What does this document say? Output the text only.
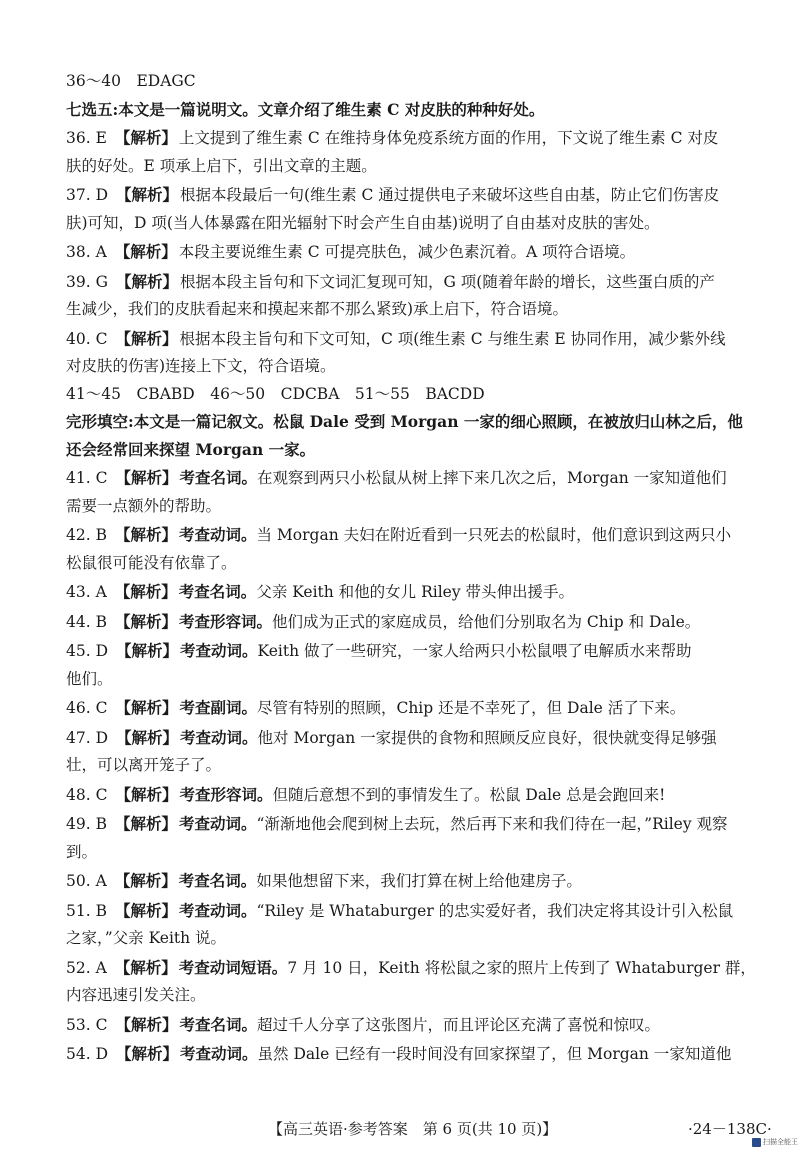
36～40　EDAGC
七选五:本文是一篇说明文。文章介绍了维生素 C 对皮肤的种种好处。
36. E 【解析】 上文提到了维生素 C 在维持身体免疫系统方面的作用，下文说了维生素 C 对皮
肤的好处。E 项承上启下，引出文章的主题。
37. D 【解析】 根据本段最后一句(维生素 C 通过提供电子来破坏这些自由基，防止它们伤害皮
肤)可知，D 项(当人体暴露在阳光辐射下时会产生自由基)说明了自由基对皮肤的害处。
38. A 【解析】 本段主要说维生素 C 可提亮肤色，减少色素沉着。A 项符合语境。
39. G 【解析】 根据本段主旨句和下文词汇复现可知，G 项(随着年龄的增长，这些蛋白质的产
生减少，我们的皮肤看起来和摸起来都不那么紧致)承上启下，符合语境。
40. C 【解析】 根据本段主旨句和下文可知，C 项(维生素 C 与维生素 E 协同作用，减少紫外线
对皮肤的伤害)连接上下文，符合语境。
41～45　CBABD　46～50　CDCBA　51～55　BACDD
完形填空:本文是一篇记叙文。松鼠 Dale 受到 Morgan 一家的细心照顾，在被放归山林之后，他
还会经常回来探望 Morgan 一家。
41. C 【解析】 考查名词。在观察到两只小松鼠从树上摔下来几次之后，Morgan 一家知道他们
需要一点额外的帮助。
42. B 【解析】 考查动词。当 Morgan 夫妇在附近看到一只死去的松鼠时，他们意识到这两只小
松鼠很可能没有依靠了。
43. A 【解析】 考查名词。父亲 Keith 和他的女儿 Riley 带头伸出援手。
44. B 【解析】 考查形容词。他们成为正式的家庭成员，给他们分别取名为 Chip 和 Dale。
45. D 【解析】 考查动词。Keith 做了一些研究，一家人给两只小松鼠喂了电解质水来帮助
他们。
46. C 【解析】 考查副词。尽管有特别的照顾，Chip 还是不幸死了，但 Dale 活了下来。
47. D 【解析】 考查动词。他对 Morgan 一家提供的食物和照顾反应良好，很快就变得足够强
壮，可以离开笼子了。
48. C 【解析】 考查形容词。但随后意想不到的事情发生了。松鼠 Dale 总是会跑回来!
49. B 【解析】 考查动词。“渐渐地他会爬到树上去玩，然后再下来和我们待在一起，”Riley 观察
到。
50. A 【解析】 考查名词。如果他想留下来，我们打算在树上给他建房子。
51. B 【解析】 考查动词。“Riley 是 Whataburger 的忠实爱好者，我们决定将其设计引入松鼠
之家，”父亲 Keith 说。
52. A 【解析】 考查动词短语。7 月 10 日，Keith 将松鼠之家的照片上传到了 Whataburger 群，
内容迅速引发关注。
53. C 【解析】 考查名词。超过千人分享了这张图片，而且评论区充满了喜悦和惊叹。
54. D 【解析】 考查动词。虽然 Dale 已经有一段时间没有回家探望了，但 Morgan 一家知道他
【高三英语·参考答案　第 6 页(共 10 页)】	·24－138C·
扫描全能王
